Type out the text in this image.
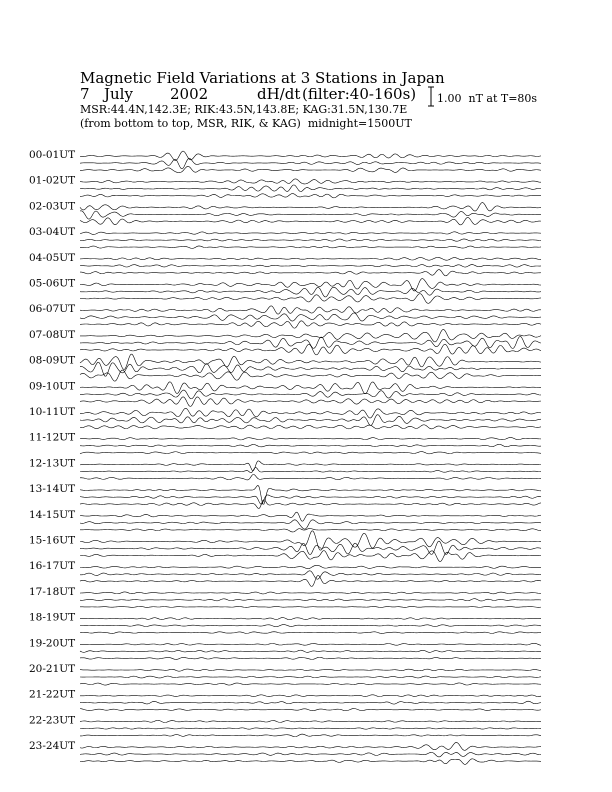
Magnetic Field Variations at 3 Stations in Japan

7

July

2002

	dH/dt

(filter:40-160s)

MSR:44.4N,142.3E; RIK:43.5N,143.8E; KAG:31.5N,130.7E
(from bottom to top, MSR, RIK, & KAG) midnight=1500UT
1.00  nT at T=80s
00-01UT
01-02UT
02-03UT
03-04UT
04-05UT
05-06UT
06-07UT
07-08UT
08-09UT
09-10UT
10-11UT
11-12UT
12-13UT
13-14UT
14-15UT
15-16UT
16-17UT
17-18UT
18-19UT
19-20UT
20-21UT
21-22UT
22-23UT
23-24UT
